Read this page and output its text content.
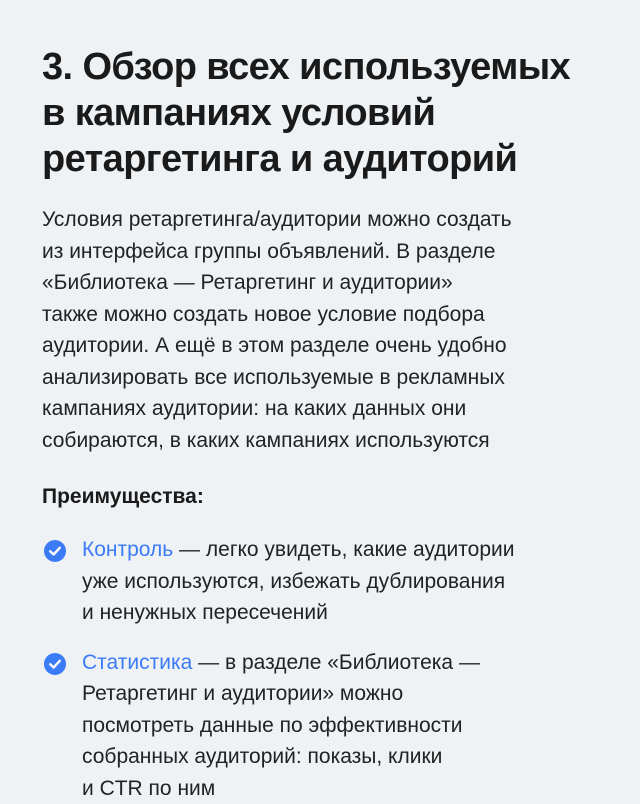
3. Обзор всех используемых
в кампаниях условий
ретаргетинга и аудиторий

Условия ретаргетинга/аудитории можно создать
из интерфейса группы объявлений. В разделе
«Библиотека — Ретаргетинг и аудитории»
также можно создать новое условие подбора
аудитории. А ещё в этом разделе очень удобно
анализировать все используемые в рекламных
кампаниях аудитории: на каких данных они
собираются, в каких кампаниях используются

Преимущества:
Контроль — легко увидеть, какие аудитории
уже используются, избежать дублирования
и ненужных пересечений
Статистика — в разделе «Библиотека —
Ретаргетинг и аудитории» можно
посмотреть данные по эффективности
собранных аудиторий: показы, клики
и CTR по ним
